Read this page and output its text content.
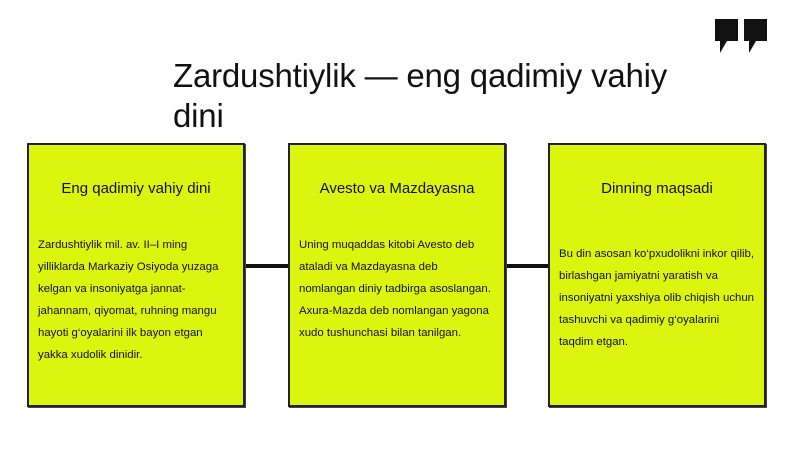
Zardushtiylik — eng qadimiy vahiy dini
Eng qadimiy vahiy dini

Zardushtiylik mil. av. II–I ming yilliklarda Markaziy Osiyoda yuzaga kelgan va insoniyatga jannat-jahannam, qiyomat, ruhning mangu hayoti g‘oyalarini ilk bayon etgan yakka xudolik dinidir.

Avesto va Mazdayasna

Uning muqaddas kitobi Avesto deb ataladi va Mazdayasna deb nomlangan diniy tadbirga asoslangan. Axura-Mazda deb nomlangan yagona xudo tushunchasi bilan tanilgan.

Dinning maqsadi

Bu din asosan ko‘pxudolikni inkor qilib, birlashgan jamiyatni yaratish va insoniyatni yaxshiya olib chiqish uchun tashuvchi va qadimiy g‘oyalarini taqdim etgan.
